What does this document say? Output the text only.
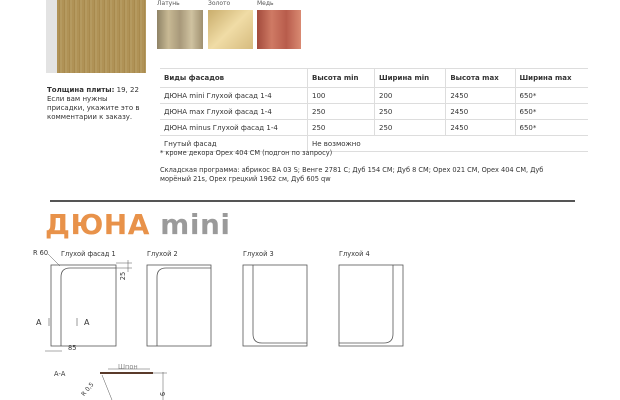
Латунь	Золото	Медь
Толщина плиты: 19, 22
Если вам нужны присадки, укажите это в комментарии к заказу.
Виды фасадов	Высота min	Ширина min	Высота max	Ширина max
ДЮНА mini Глухой фасад 1-4	100	200	2450	650*
ДЮНА max Глухой фасад 1-4	250	250	2450	650*
ДЮНА minus Глухой фасад 1-4	250	250	2450	650*
Гнутый фасад	Не возможно			
* кроме декора Орех 404 СМ (подгон по запросу)
Складская программа: абрикос ВА 03 S; Венге 2781 С; Дуб 154 СМ; Дуб 8 СМ; Орех 021 СМ, Орех 404 СМ, Дуб морёный 21s, Орех грецкий 1962 см, Дуб 605 qw
ДЮНА mini
Глухой фасад 1	Глухой 2	Глухой 3	Глухой 4
R 60
25
85
A	A
А-А
Шпон
R 0,5	9
